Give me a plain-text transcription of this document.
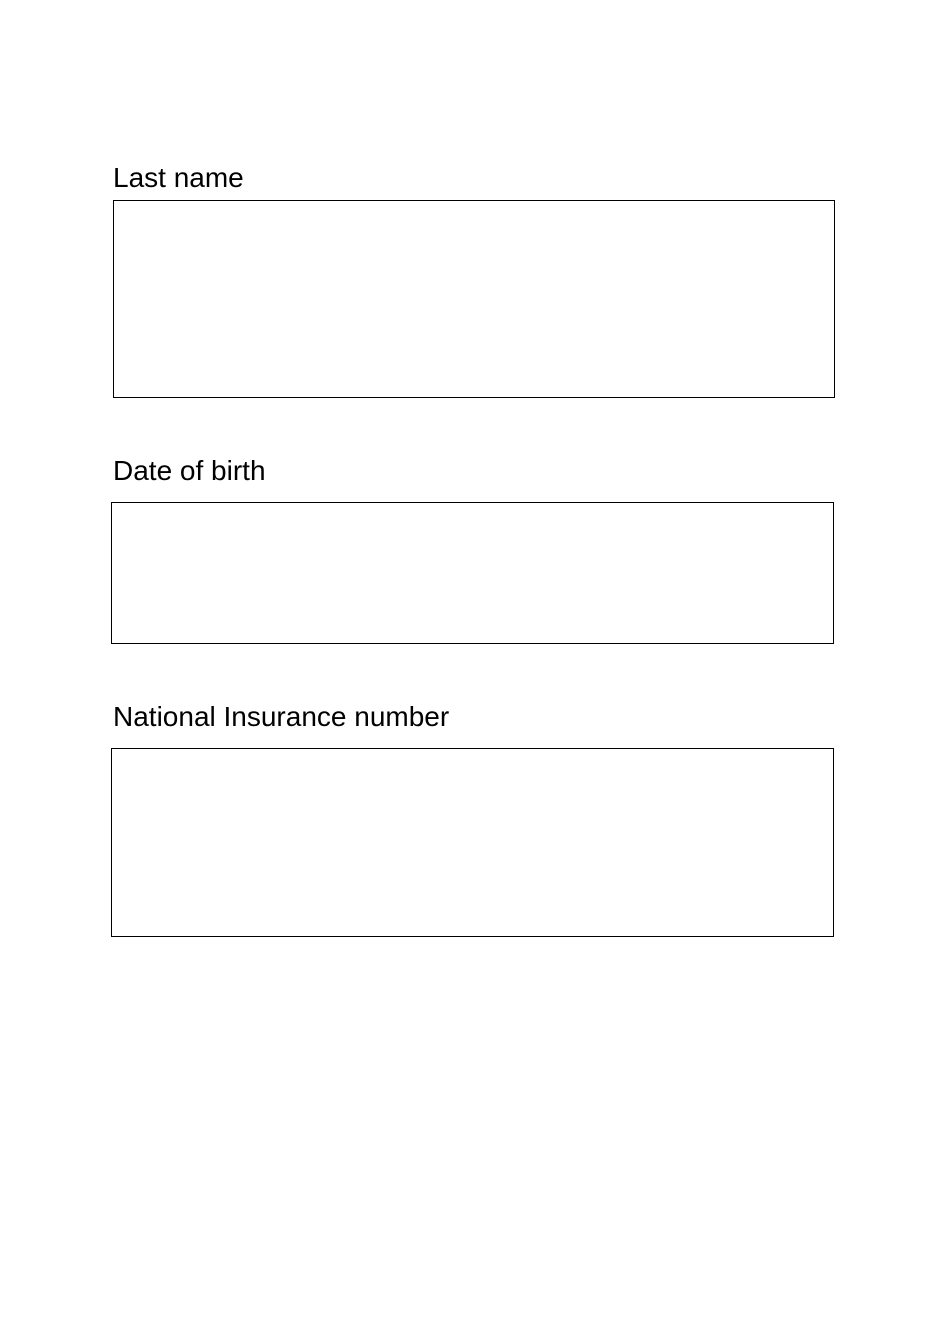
Last name
Date of birth
National Insurance number
